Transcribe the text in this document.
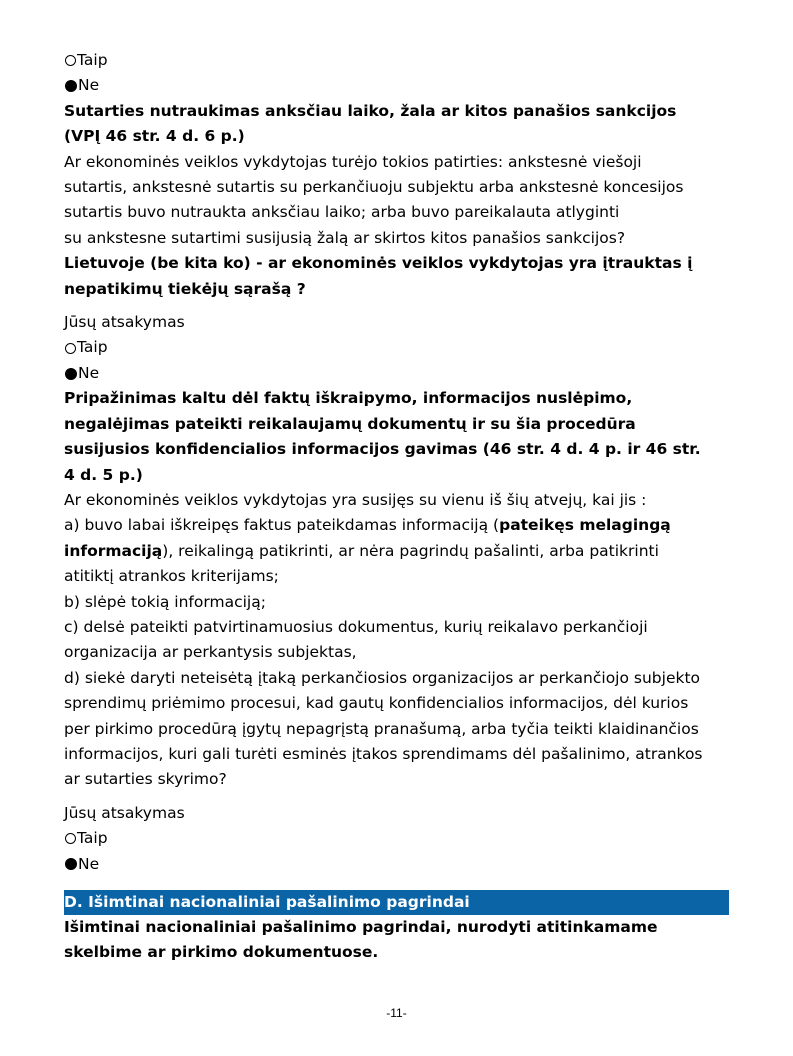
Taip
Ne
Sutarties nutraukimas anksčiau laiko, žala ar kitos panašios sankcijos
(VPĮ 46 str. 4 d. 6 p.)
Ar ekonominės veiklos vykdytojas turėjo tokios patirties: ankstesnė viešoji
sutartis, ankstesnė sutartis su perkančiuoju subjektu arba ankstesnė koncesijos
sutartis buvo nutraukta anksčiau laiko; arba buvo pareikalauta atlyginti
su ankstesne sutartimi susijusią žalą ar skirtos kitos panašios sankcijos?
Lietuvoje (be kita ko) - ar ekonominės veiklos vykdytojas yra įtrauktas į
nepatikimų tiekėjų sąrašą ?
Jūsų atsakymas
Taip
Ne
Pripažinimas kaltu dėl faktų iškraipymo, informacijos nuslėpimo,
negalėjimas pateikti reikalaujamų dokumentų ir su šia procedūra
susijusios konfidencialios informacijos gavimas (46 str. 4 d. 4 p. ir 46 str.
4 d. 5 p.)
Ar ekonominės veiklos vykdytojas yra susijęs su vienu iš šių atvejų, kai jis :
a) buvo labai iškreipęs faktus pateikdamas informaciją (pateikęs melagingą
informaciją), reikalingą patikrinti, ar nėra pagrindų pašalinti, arba patikrinti
atitiktį atrankos kriterijams;
b) slėpė tokią informaciją;
c) delsė pateikti patvirtinamuosius dokumentus, kurių reikalavo perkančioji
organizacija ar perkantysis subjektas,
d) siekė daryti neteisėtą įtaką perkančiosios organizacijos ar perkančiojo subjekto
sprendimų priėmimo procesui, kad gautų konfidencialios informacijos, dėl kurios
per pirkimo procedūrą įgytų nepagrįstą pranašumą, arba tyčia teikti klaidinančios
informacijos, kuri gali turėti esminės įtakos sprendimams dėl pašalinimo, atrankos
ar sutarties skyrimo?
Jūsų atsakymas
Taip
Ne
D. Išimtinai nacionaliniai pašalinimo pagrindai
Išimtinai nacionaliniai pašalinimo pagrindai, nurodyti atitinkamame
skelbime ar pirkimo dokumentuose.
-11-
